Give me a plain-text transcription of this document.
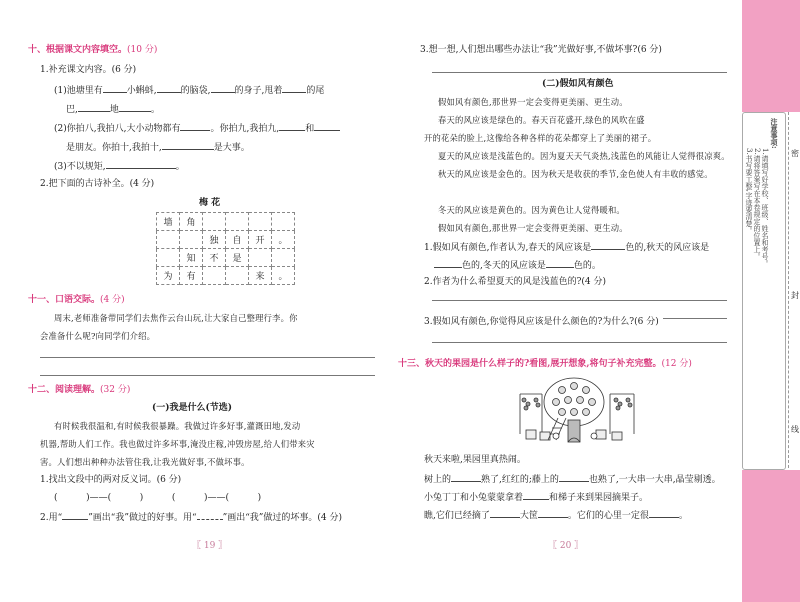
十、根据课文内容填空。(10 分)
1.补充课文内容。(6 分)
(1)池塘里有	小蝌蚪,	的脑袋,	的身子,甩着	的尾
巴,	地	。
(2)你拍八,我拍八,大小动物都有	。你拍九,我拍九,	和
是朋友。你拍十,我拍十,	是大事。
(3)不以规矩,	。
2.把下面的古诗补全。(4 分)
梅 花
墙	角				
		独	自	开	。
	知	不	是		
为	有			来	。
十一、口语交际。(4 分)
周末,老师准备带同学们去焦作云台山玩,让大家自己整理行李。你
会准备什么呢?向同学们介绍。
十二、阅读理解。(32 分)
(一)我是什么(节选)
有时候我很温和,有时候我很暴躁。我做过许多好事,灌溉田地,发动
机器,帮助人们工作。我也做过许多坏事,淹没庄稼,冲毁房屋,给人们带来灾
害。人们想出种种办法管住我,让我光做好事,不做坏事。
1.找出文段中的两对反义词。(6 分)
(          )——(          )          (          )——(          )
2.用“	”画出“我”做过的好事。用“	”画出“我”做过的坏事。(4 分)
〖 19 〗
3.想一想,人们想出哪些办法让“我”光做好事,不做坏事?(6 分)
(二)假如风有颜色
假如风有颜色,那世界一定会变得更美丽、更生动。
春天的风应该是绿色的。春天百花盛开,绿色的风吹在盛
开的花朵的脸上,这像给各种各样的花朵都穿上了美丽的裙子。
夏天的风应该是浅蓝色的。因为夏天天气炎热,浅蓝色的风能让人觉得很凉爽。
秋天的风应该是金色的。因为秋天是收获的季节,金色使人有丰收的感觉。
冬天的风应该是黄色的。因为黄色让人觉得暖和。
假如风有颜色,那世界一定会变得更美丽、更生动。
1.假如风有颜色,作者认为,春天的风应该是	色的,秋天的风应该是
色的,冬天的风应该是	色的。
2.作者为什么希望夏天的风是浅蓝色的?(4 分)
3.假如风有颜色,你觉得风应该是什么颜色的?为什么?(6 分)
十三、秋天的果园是什么样子的?看图,展开想象,将句子补充完整。(12 分)
秋天来啦,果园里真热闹。
树上的	熟了,红红的;藤上的	也熟了,一大串一大串,晶莹剔透。
小兔丁丁和小兔蒙蒙拿着	和梯子来到果园摘果子。
瞧,它们已经摘了	大筐	。它们的心里一定很	。
〖 20 〗
注意事项:
1.请填写好学校、班级、姓名和考号。
2.请将答案写在本卷规定的位置上。
3.书写要工整,字迹要清楚。	密
封
线
